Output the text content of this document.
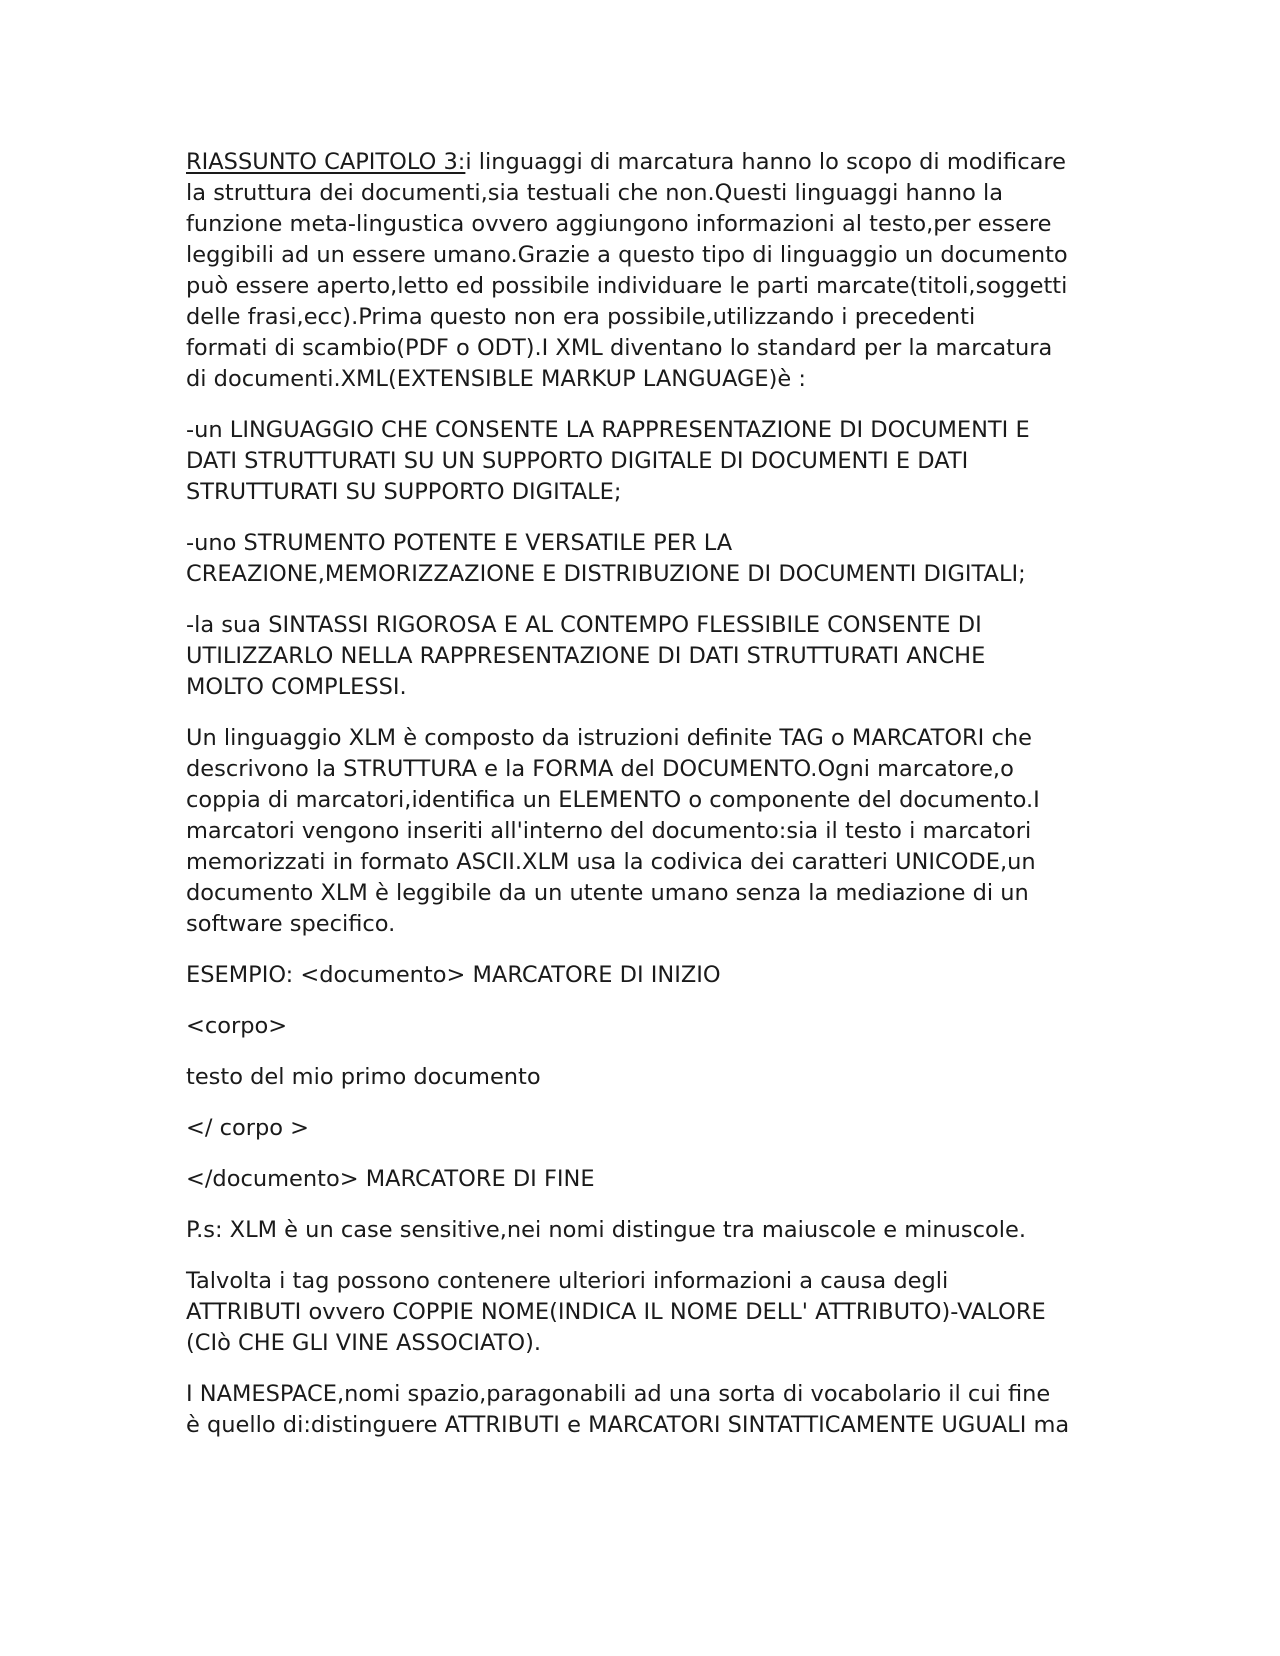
RIASSUNTO CAPITOLO 3:i linguaggi di marcatura hanno lo scopo di modificare
la struttura dei documenti,sia testuali che non.Questi linguaggi hanno la
funzione meta-lingustica ovvero aggiungono informazioni al testo,per essere
leggibili ad un essere umano.Grazie a questo tipo di linguaggio un documento
può essere aperto,letto ed possibile individuare le parti marcate(titoli,soggetti
delle frasi,ecc).Prima questo non era possibile,utilizzando i precedenti
formati di scambio(PDF o ODT).I XML diventano lo standard per la marcatura
di documenti.XML(EXTENSIBLE MARKUP LANGUAGE)è :

-un LINGUAGGIO CHE CONSENTE LA RAPPRESENTAZIONE DI DOCUMENTI E
DATI STRUTTURATI SU UN SUPPORTO DIGITALE DI DOCUMENTI E DATI
STRUTTURATI SU SUPPORTO DIGITALE;

-uno STRUMENTO POTENTE E VERSATILE PER LA
CREAZIONE,MEMORIZZAZIONE E DISTRIBUZIONE DI DOCUMENTI DIGITALI;

-la sua SINTASSI RIGOROSA E AL CONTEMPO FLESSIBILE CONSENTE DI
UTILIZZARLO NELLA RAPPRESENTAZIONE DI DATI STRUTTURATI ANCHE
MOLTO COMPLESSI.

Un linguaggio XLM è composto da istruzioni definite TAG o MARCATORI che
descrivono la STRUTTURA e la FORMA del DOCUMENTO.Ogni marcatore,o
coppia di marcatori,identifica un ELEMENTO o componente del documento.I
marcatori vengono inseriti all'interno del documento:sia il testo i marcatori
memorizzati in formato ASCII.XLM usa la codivica dei caratteri UNICODE,un
documento XLM è leggibile da un utente umano senza la mediazione di un
software specifico.

ESEMPIO: <documento> MARCATORE DI INIZIO

<corpo>

testo del mio primo documento

</ corpo >

</documento> MARCATORE DI FINE

P.s: XLM è un case sensitive,nei nomi distingue tra maiuscole e minuscole.

Talvolta i tag possono contenere ulteriori informazioni a causa degli
ATTRIBUTI ovvero COPPIE NOME(INDICA IL NOME DELL' ATTRIBUTO)-VALORE
(CIò CHE GLI VINE ASSOCIATO).

I NAMESPACE,nomi spazio,paragonabili ad una sorta di vocabolario il cui fine
è quello di:distinguere ATTRIBUTI e MARCATORI SINTATTICAMENTE UGUALI ma
